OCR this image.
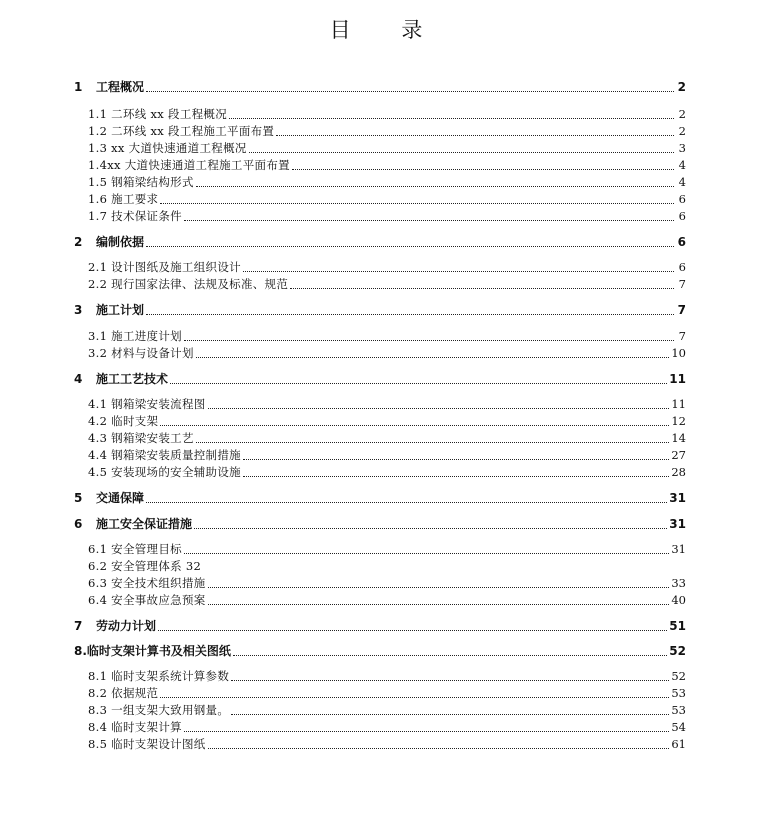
目 录
1	工程概况	2
1.1 二环线 xx 段工程概况	2
1.2 二环线 xx 段工程施工平面布置	2
1.3 xx 大道快速通道工程概况	3
1.4xx 大道快速通道工程施工平面布置	4
1.5 钢箱梁结构形式	4
1.6 施工要求	6
1.7 技术保证条件	6
2	编制依据	6
2.1 设计图纸及施工组织设计	6
2.2 现行国家法律、法规及标准、规范	7
3	施工计划	7
3.1 施工进度计划	7
3.2 材料与设备计划	10
4	施工工艺技术	11
4.1 钢箱梁安装流程图	11
4.2 临时支架	12
4.3 钢箱梁安装工艺	14
4.4 钢箱梁安装质量控制措施	27
4.5 安装现场的安全辅助设施	28
5	交通保障	31
6	施工安全保证措施	31
6.1 安全管理目标	31
6.2 安全管理体系 32
6.3 安全技术组织措施	33
6.4 安全事故应急预案	40
7	劳动力计划	51
8. 临时支架计算书及相关图纸	52
8.1 临时支架系统计算参数	52
8.2 依据规范	53
8.3 一组支架大致用钢量。	53
8.4 临时支架计算	54
8.5 临时支架设计图纸	61
